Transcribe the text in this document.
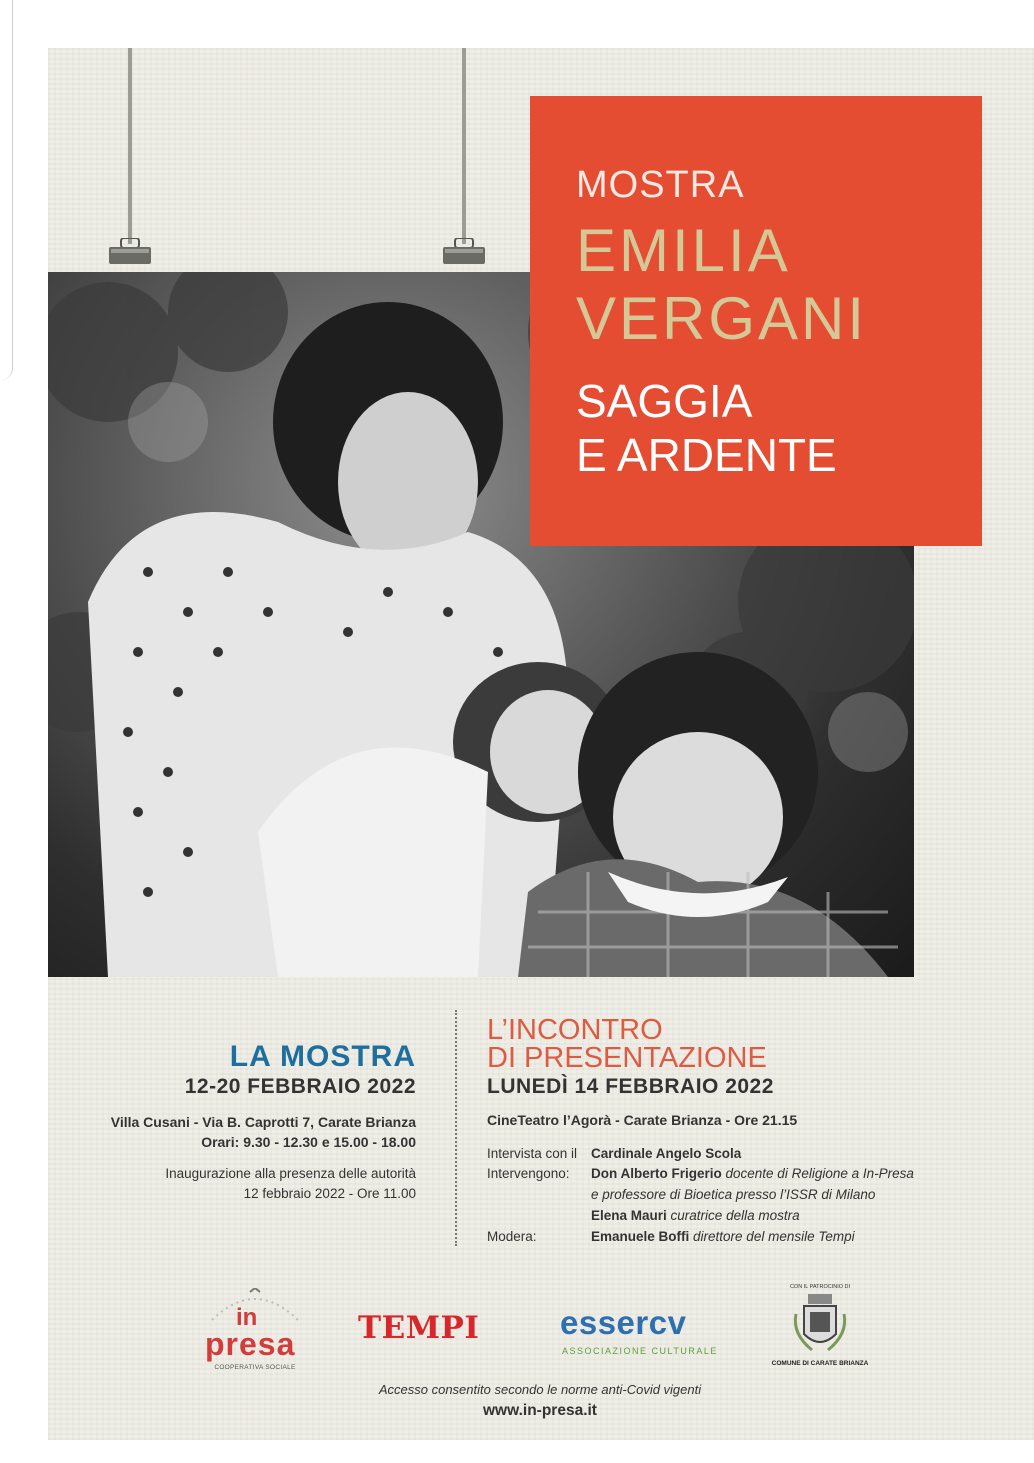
MOSTRA
EMILIA
VERGANI
SAGGIA
E ARDENTE
LA MOSTRA
12-20 FEBBRAIO 2022
Villa Cusani - Via B. Caprotti 7, Carate Brianza
Orari: 9.30 - 12.30 e 15.00 - 18.00
Inaugurazione alla presenza delle autorità
12 febbraio 2022 - Ore 11.00
L’INCONTRO
DI PRESENTAZIONE
LUNEDÌ 14 FEBBRAIO 2022
CineTeatro l’Agorà - Carate Brianza - Ore 21.15
Intervista con il Cardinale Angelo Scola
Intervengono: Don Alberto Frigerio docente di Religione a In-Presa
e professore di Bioetica presso l’ISSR di Milano
Elena Mauri curatrice della mostra
Modera:	Emanuele Boffi direttore del mensile Tempi
in
presa
COOPERATIVA SOCIALE
TEMPI essercv
ASSOCIAZIONE CULTURALE
CON IL PATROCINIO DI
COMUNE DI CARATE BRIANZA
Accesso consentito secondo le norme anti-Covid vigenti
www.in-presa.it
